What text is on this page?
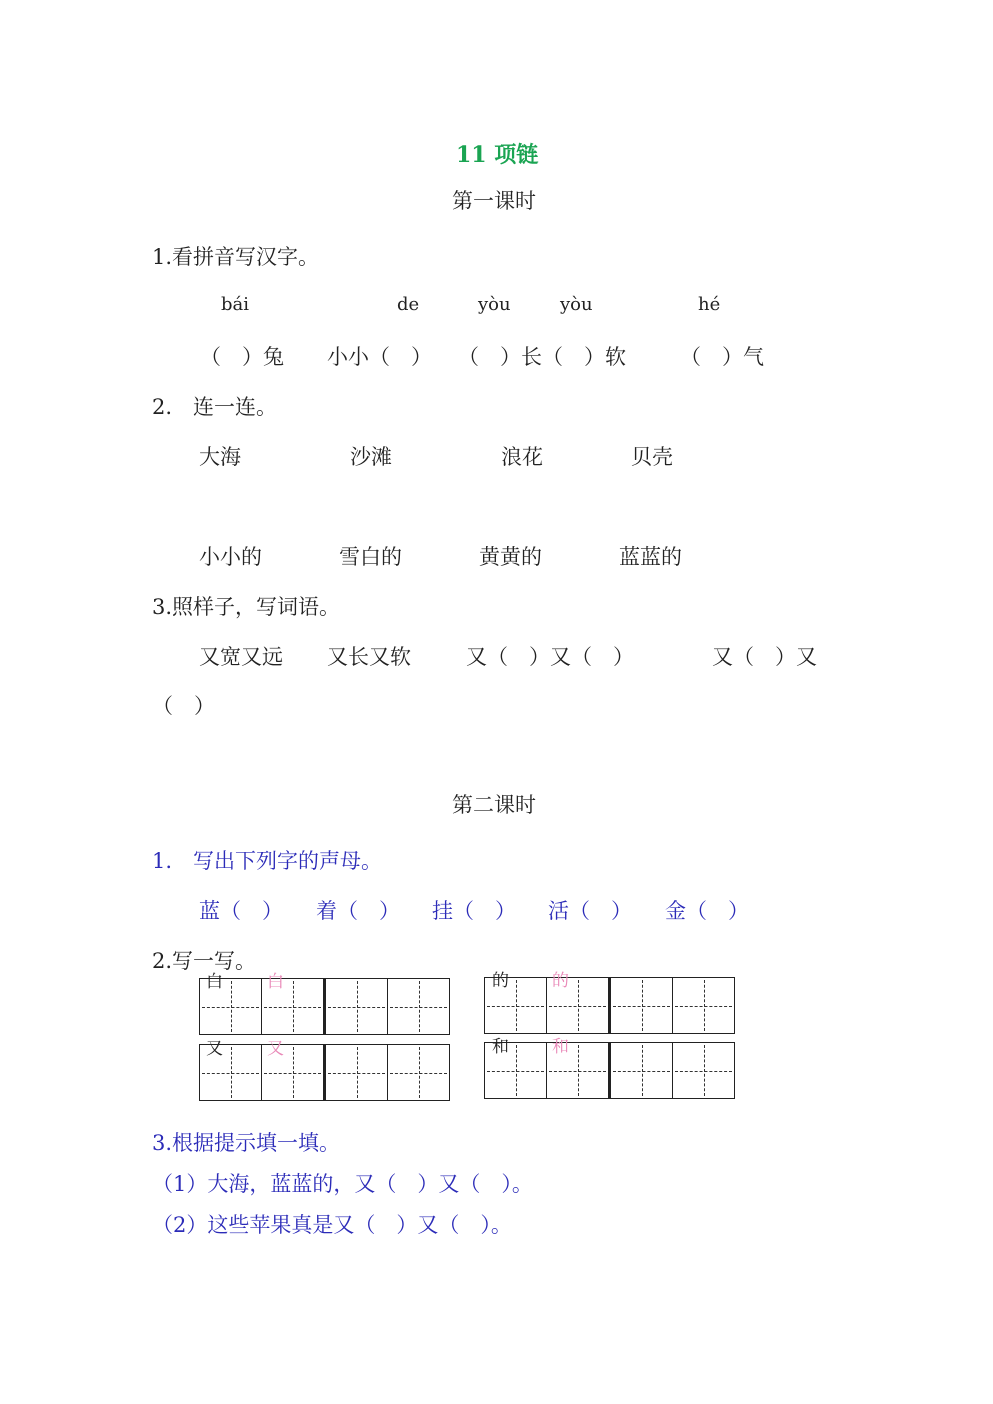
11 项链
第一课时
1.看拼音写汉字。
bái	de	yòu	yòu	hé
（　）兔 小小（　） （　）长（　）软	（　）气
2.　连一连。
大海	沙滩	浪花	贝壳
小小的	雪白的	黄黄的	蓝蓝的
3.照样子，写词语。
又宽又远 又长又软	又（　）又（　）	又（　）又
（　）
第二课时
1.　写出下列字的声母。
蓝（　） 着（　） 挂（　） 活（　） 金（　）
2.写一写。
白	白	的	的
又	又	和	和
3.根据提示填一填。
（1）大海，蓝蓝的，又（　）又（　）。
（2）这些苹果真是又（　）又（　）。
